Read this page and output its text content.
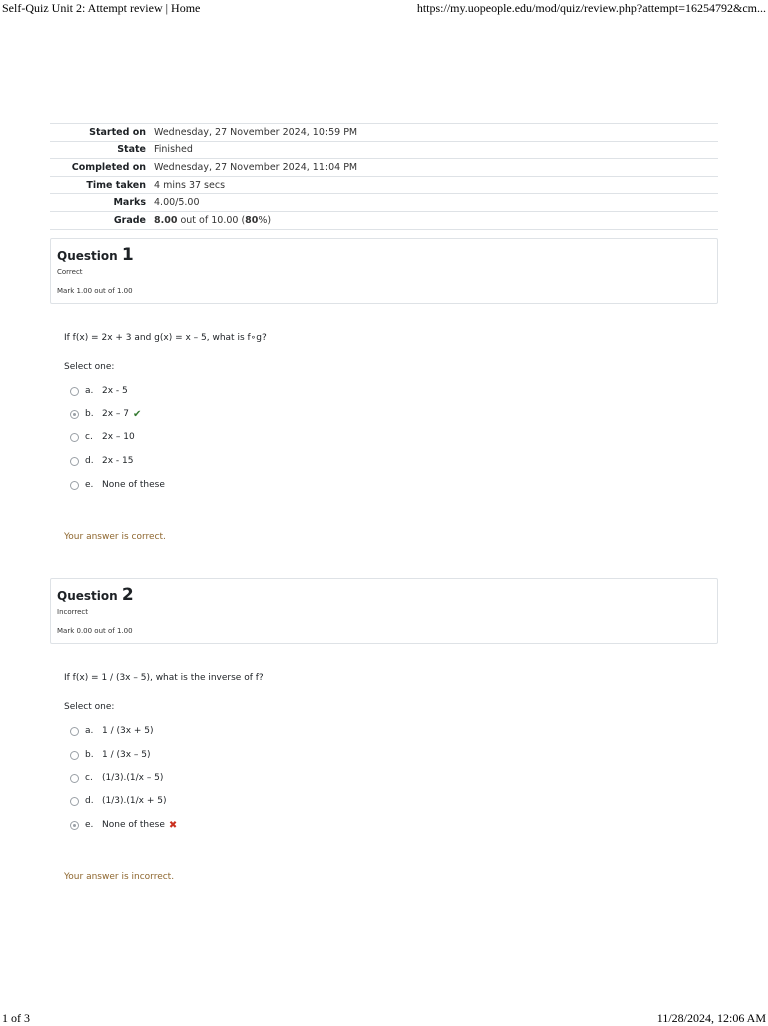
Self-Quiz Unit 2: Attempt review | Home	https://my.uopeople.edu/mod/quiz/review.php?attempt=16254792&cm...
Started on	Wednesday, 27 November 2024, 10:59 PM
State	Finished
Completed on	Wednesday, 27 November 2024, 11:04 PM
Time taken	4 mins 37 secs
Marks	4.00/5.00
Grade	8.00 out of 10.00 (80%)
Question 1
Correct
Mark 1.00 out of 1.00
If f(x) = 2x + 3 and g(x) = x – 5, what is f∘g?
Select one:
a. 2x - 5
b. 2x – 7 ✔
c.	2x – 10
d. 2x - 15
e. None of these
Your answer is correct.
Question 2
Incorrect
Mark 0.00 out of 1.00
If f(x) = 1 / (3x – 5), what is the inverse of f?
Select one:
a. 1 / (3x + 5)
b. 1 / (3x – 5)
c.	(1/3).(1/x – 5)
d. (1/3).(1/x + 5)
e. None of these ✖
Your answer is incorrect.
1 of 3	11/28/2024, 12:06 AM
